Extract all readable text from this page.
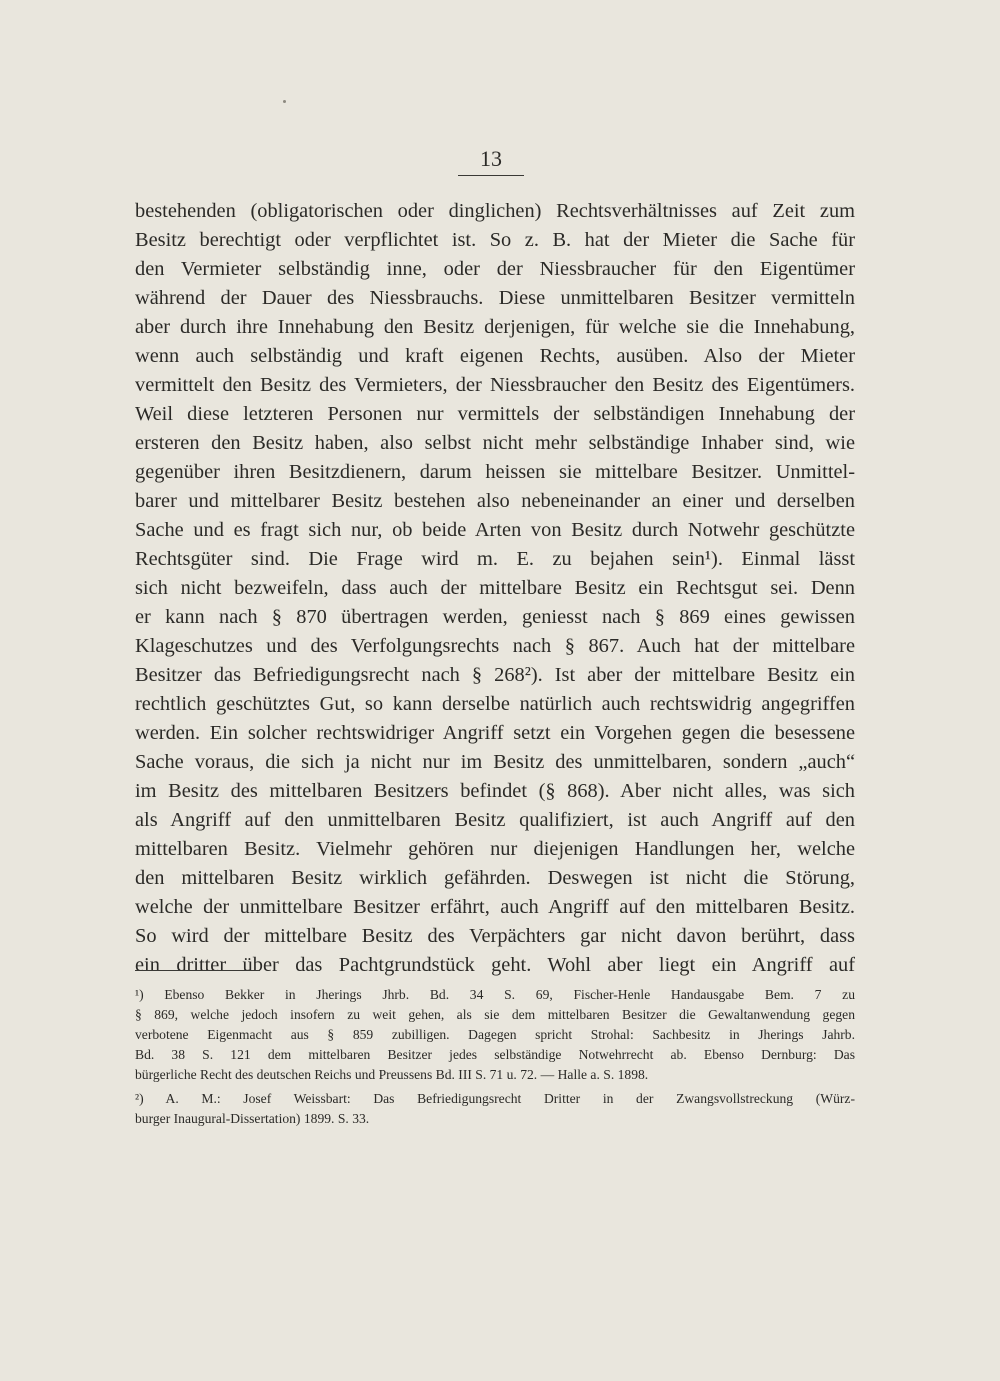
13
bestehenden (obligatorischen oder dinglichen) Rechtsverhältnisses auf Zeit zum
Besitz berechtigt oder verpflichtet ist. So z. B. hat der Mieter die Sache für
den Vermieter selbständig inne, oder der Niessbraucher für den Eigentümer
während der Dauer des Niessbrauchs. Diese unmittelbaren Besitzer vermitteln
aber durch ihre Innehabung den Besitz derjenigen, für welche sie die Innehabung,
wenn auch selbständig und kraft eigenen Rechts, ausüben. Also der Mieter
vermittelt den Besitz des Vermieters, der Niessbraucher den Besitz des Eigentümers.
Weil diese letzteren Personen nur vermittels der selbständigen Innehabung der
ersteren den Besitz haben, also selbst nicht mehr selbständige Inhaber sind, wie
gegenüber ihren Besitzdienern, darum heissen sie mittelbare Besitzer. Unmittel-
barer und mittelbarer Besitz bestehen also nebeneinander an einer und derselben
Sache und es fragt sich nur, ob beide Arten von Besitz durch Notwehr geschützte
Rechtsgüter sind. Die Frage wird m. E. zu bejahen sein¹). Einmal lässt
sich nicht bezweifeln, dass auch der mittelbare Besitz ein Rechtsgut sei. Denn
er kann nach § 870 übertragen werden, geniesst nach § 869 eines gewissen
Klageschutzes und des Verfolgungsrechts nach § 867. Auch hat der mittelbare
Besitzer das Befriedigungsrecht nach § 268²). Ist aber der mittelbare Besitz ein
rechtlich geschütztes Gut, so kann derselbe natürlich auch rechtswidrig angegriffen
werden. Ein solcher rechtswidriger Angriff setzt ein Vorgehen gegen die besessene
Sache voraus, die sich ja nicht nur im Besitz des unmittelbaren, sondern „auch“
im Besitz des mittelbaren Besitzers befindet (§ 868). Aber nicht alles, was sich
als Angriff auf den unmittelbaren Besitz qualifiziert, ist auch Angriff auf den
mittelbaren Besitz. Vielmehr gehören nur diejenigen Handlungen her, welche
den mittelbaren Besitz wirklich gefährden. Deswegen ist nicht die Störung,
welche der unmittelbare Besitzer erfährt, auch Angriff auf den mittelbaren Besitz.
So wird der mittelbare Besitz des Verpächters gar nicht davon berührt, dass
ein dritter über das Pachtgrundstück geht. Wohl aber liegt ein Angriff auf
¹) Ebenso Bekker in Jherings Jhrb. Bd. 34 S. 69, Fischer-Henle Handausgabe Bem. 7 zu
§ 869, welche jedoch insofern zu weit gehen, als sie dem mittelbaren Besitzer die Gewaltanwendung gegen
verbotene Eigenmacht aus § 859 zubilligen. Dagegen spricht Strohal: Sachbesitz in Jherings Jahrb.
Bd. 38 S. 121 dem mittelbaren Besitzer jedes selbständige Notwehrrecht ab. Ebenso Dernburg: Das
bürgerliche Recht des deutschen Reichs und Preussens Bd. III S. 71 u. 72. — Halle a. S. 1898.
²) A. M.: Josef Weissbart: Das Befriedigungsrecht Dritter in der Zwangsvollstreckung (Würz-
burger Inaugural-Dissertation) 1899. S. 33.
